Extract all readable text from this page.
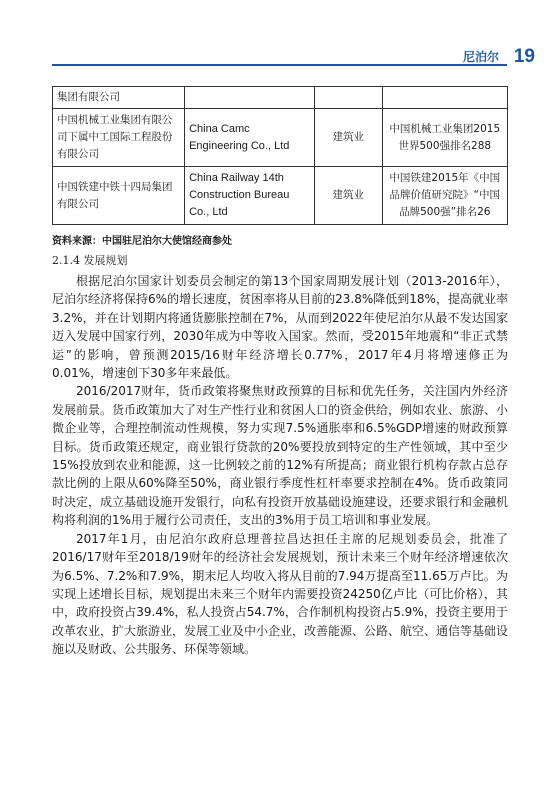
尼泊尔 19
集团有限公司			
中国机械工业集团有限公司下属中工国际工程股份有限公司	China Camc Engineering Co., Ltd	建筑业	中国机械工业集团2015世界500强排名288
中国铁建中铁十四局集团有限公司	China Railway 14th Construction Bureau Co., Ltd	建筑业	中国铁建2015年《中国品牌价值研究院》“中国品牌500强”排名26
资料来源：中国驻尼泊尔大使馆经商参处
2.1.4 发展规划

根据尼泊尔国家计划委员会制定的第13个国家周期发展计划（2013-2016年），尼泊尔经济将保持6%的增长速度，贫困率将从目前的23.8%降低到18%，提高就业率3.2%，并在计划期内将通货膨胀控制在7%，从而到2022年使尼泊尔从最不发达国家迈入发展中国家行列，2030年成为中等收入国家。然而，受2015年地震和“非正式禁运”的影响，曾预测2015/16财年经济增长0.77%，2017年4月将增速修正为0.01%，增速创下30多年来最低。

2016/2017财年，货币政策将聚焦财政预算的目标和优先任务，关注国内外经济发展前景。货币政策加大了对生产性行业和贫困人口的资金供给，例如农业、旅游、小微企业等，合理控制流动性规模，努力实现7.5%通胀率和6.5%GDP增速的财政预算目标。货币政策还规定，商业银行贷款的20%要投放到特定的生产性领域，其中至少15%投放到农业和能源，这一比例较之前的12%有所提高；商业银行机构存款占总存款比例的上限从60%降至50%，商业银行季度性杠杆率要求控制在4%。货币政策同时决定，成立基础设施开发银行，向私有投资开放基础设施建设，还要求银行和金融机构将利润的1%用于履行公司责任，支出的3%用于员工培训和事业发展。

2017年1月，由尼泊尔政府总理普拉昌达担任主席的尼规划委员会，批准了2016/17财年至2018/19财年的经济社会发展规划，预计未来三个财年经济增速依次为6.5%、7.2%和7.9%，期末尼人均收入将从目前的7.94万提高至11.65万卢比。为实现上述增长目标，规划提出未来三个财年内需要投资24250亿卢比（可比价格），其中，政府投资占39.4%，私人投资占54.7%，合作制机构投资占5.9%，投资主要用于改革农业，扩大旅游业，发展工业及中小企业，改善能源、公路、航空、通信等基础设施以及财政、公共服务、环保等领域。
